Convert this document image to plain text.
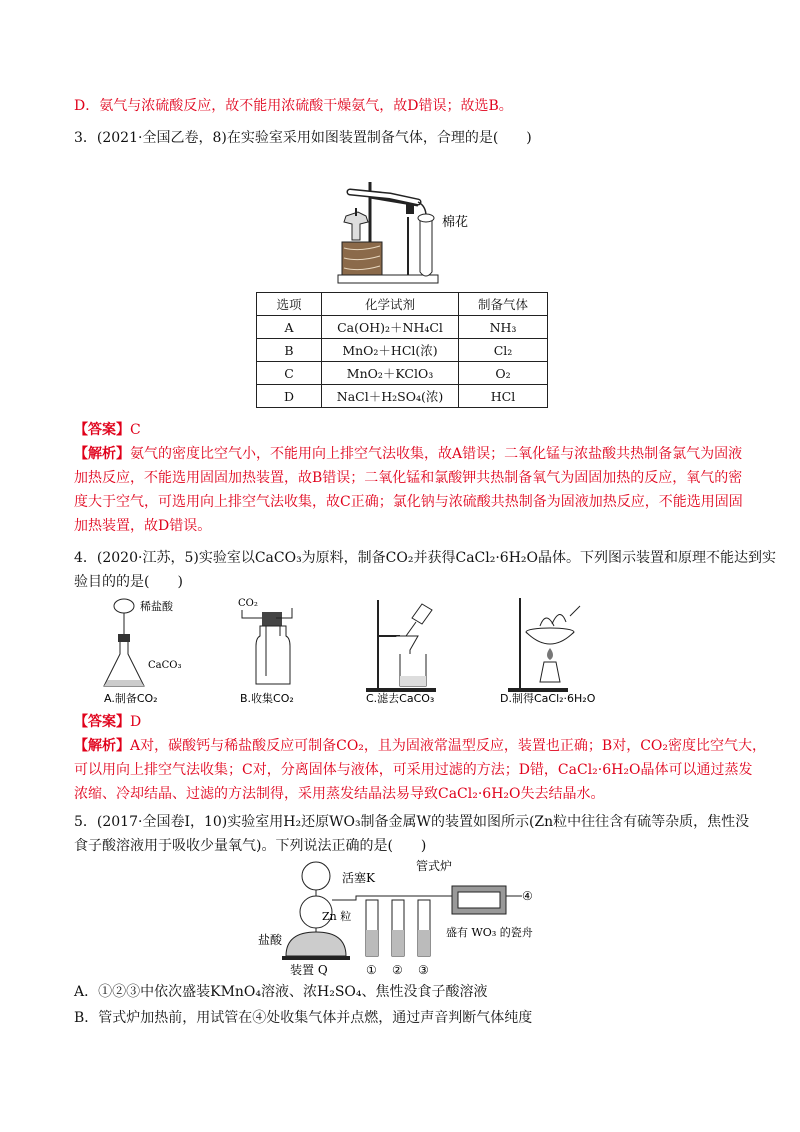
D．氨气与浓硫酸反应，故不能用浓硫酸干燥氨气，故D错误；故选B。
3．(2021·全国乙卷，8)在实验室采用如图装置制备气体，合理的是(　　)
棉花
选项	化学试剂	制备气体
A	Ca(OH)₂＋NH₄Cl	NH₃
B	MnO₂＋HCl(浓)	Cl₂
C	MnO₂＋KClO₃	O₂
D	NaCl＋H₂SO₄(浓)	HCl
【答案】C
【解析】氨气的密度比空气小，不能用向上排空气法收集，故A错误；二氧化锰与浓盐酸共热制备氯气为固液
加热反应，不能选用固固加热装置，故B错误；二氧化锰和氯酸钾共热制备氧气为固固加热的反应，氧气的密
度大于空气，可选用向上排空气法收集，故C正确；氯化钠与浓硫酸共热制备为固液加热反应，不能选用固固
加热装置，故D错误。
4．(2020·江苏，5)实验室以CaCO₃为原料，制备CO₂并获得CaCl₂·6H₂O晶体。下列图示装置和原理不能达到实
验目的的是(　　)
稀盐酸
CaCO₃
CO₂
A.制备CO₂	B.收集CO₂	C.滤去CaCO₃	D.制得CaCl₂·6H₂O
【答案】D
【解析】A对，碳酸钙与稀盐酸反应可制备CO₂，且为固液常温型反应，装置也正确；B对，CO₂密度比空气大，
可以用向上排空气法收集；C对，分离固体与液体，可采用过滤的方法；D错，CaCl₂·6H₂O晶体可以通过蒸发
浓缩、冷却结晶、过滤的方法制得，采用蒸发结晶法易导致CaCl₂·6H₂O失去结晶水。
5．(2017·全国卷Ⅰ，10)实验室用H₂还原WO₃制备金属W的装置如图所示(Zn粒中往往含有硫等杂质，焦性没
食子酸溶液用于吸收少量氧气)。下列说法正确的是(　　)
活塞K
Zn 粒
盐酸
装置 Q	① ② ③
管式炉
④
盛有 WO₃ 的瓷舟
A．①②③中依次盛装KMnO₄溶液、浓H₂SO₄、焦性没食子酸溶液
B．管式炉加热前，用试管在④处收集气体并点燃，通过声音判断气体纯度
